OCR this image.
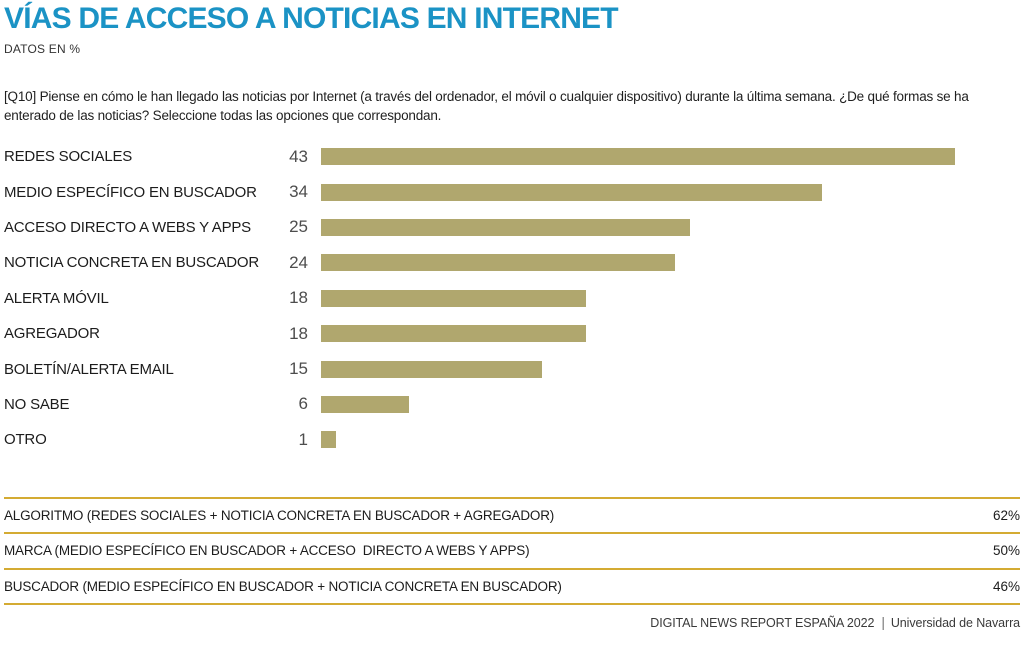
VÍAS DE ACCESO A NOTICIAS EN INTERNET
DATOS EN %

[Q10] Piense en cómo le han llegado las noticias por Internet (a través del ordenador, el móvil o cualquier dispositivo) durante la última semana. ¿De qué formas se ha enterado de las noticias? Seleccione todas las opciones que correspondan.

REDES SOCIALES	43
MEDIO ESPECÍFICO EN BUSCADOR	34
ACCESO DIRECTO A WEBS Y APPS	25
NOTICIA CONCRETA EN BUSCADOR	24
ALERTA MÓVIL	18
AGREGADOR	18
BOLETÍN/ALERTA EMAIL	15
NO SABE	6
OTRO	1
ALGORITMO (REDES SOCIALES + NOTICIA CONCRETA EN BUSCADOR + AGREGADOR)	62%
MARCA (MEDIO ESPECÍFICO EN BUSCADOR + ACCESO  DIRECTO A WEBS Y APPS)	50%
BUSCADOR (MEDIO ESPECÍFICO EN BUSCADOR + NOTICIA CONCRETA EN BUSCADOR)	46%
DIGITAL NEWS REPORT ESPAÑA 2022 | Universidad de Navarra
